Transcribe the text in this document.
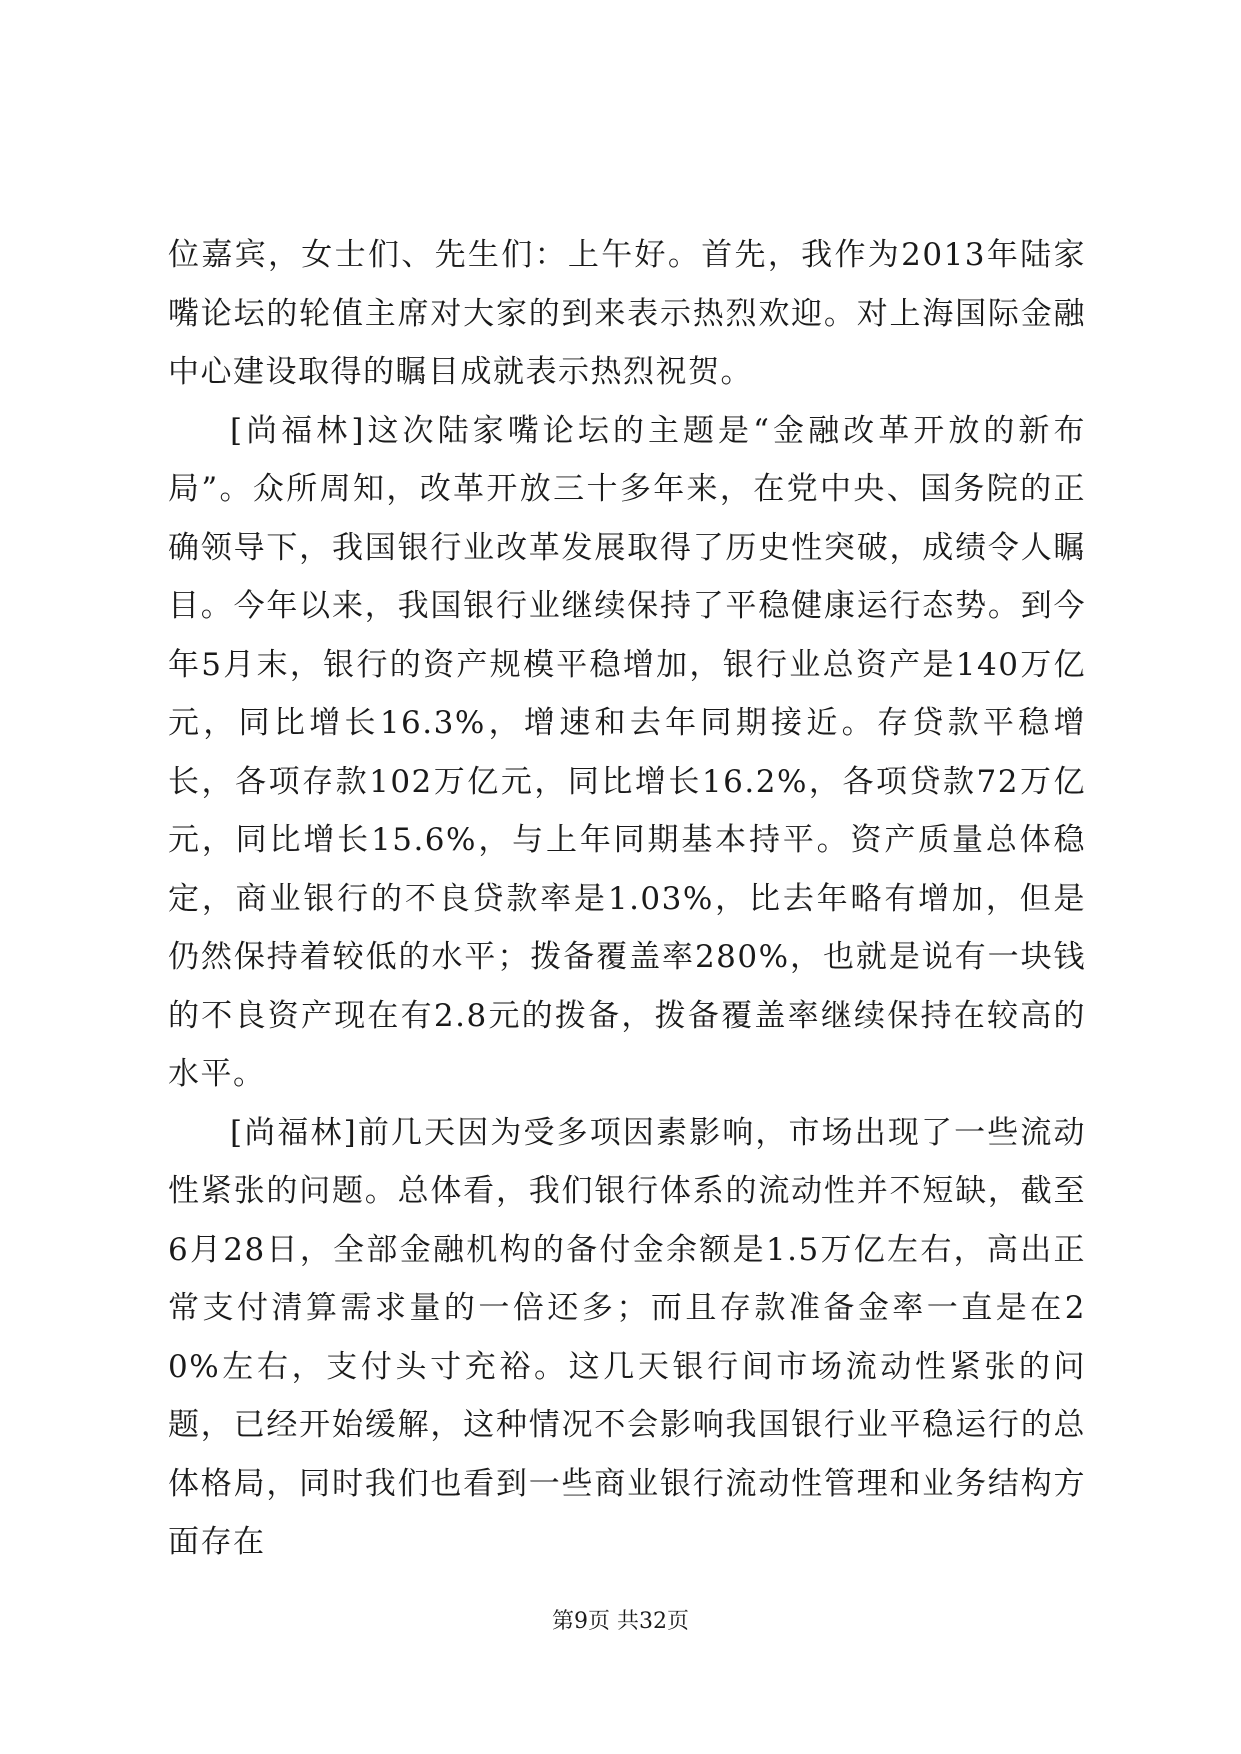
位嘉宾，女士们、先生们：上午好。首先，我作为2013年陆家嘴论坛的轮值主席对大家的到来表示热烈欢迎。对上海国际金融中心建设取得的瞩目成就表示热烈祝贺。

[尚福林]这次陆家嘴论坛的主题是“金融改革开放的新布局”。众所周知，改革开放三十多年来，在党中央、国务院的正确领导下，我国银行业改革发展取得了历史性突破，成绩令人瞩目。今年以来，我国银行业继续保持了平稳健康运行态势。到今年5月末，银行的资产规模平稳增加，银行业总资产是140万亿元，同比增长16.3%，增速和去年同期接近。存贷款平稳增长，各项存款102万亿元，同比增长16.2%，各项贷款72万亿元，同比增长15.6%，与上年同期基本持平。资产质量总体稳定，商业银行的不良贷款率是1.03%，比去年略有增加，但是仍然保持着较低的水平；拨备覆盖率280%，也就是说有一块钱的不良资产现在有2.8元的拨备，拨备覆盖率继续保持在较高的水平。

[尚福林]前几天因为受多项因素影响，市场出现了一些流动性紧张的问题。总体看，我们银行体系的流动性并不短缺，截至6月28日，全部金融机构的备付金余额是1.5万亿左右，高出正常支付清算需求量的一倍还多；而且存款准备金率一直是在20%左右，支付头寸充裕。这几天银行间市场流动性紧张的问题，已经开始缓解，这种情况不会影响我国银行业平稳运行的总体格局，同时我们也看到一些商业银行流动性管理和业务结构方面存在

第9页 共32页
